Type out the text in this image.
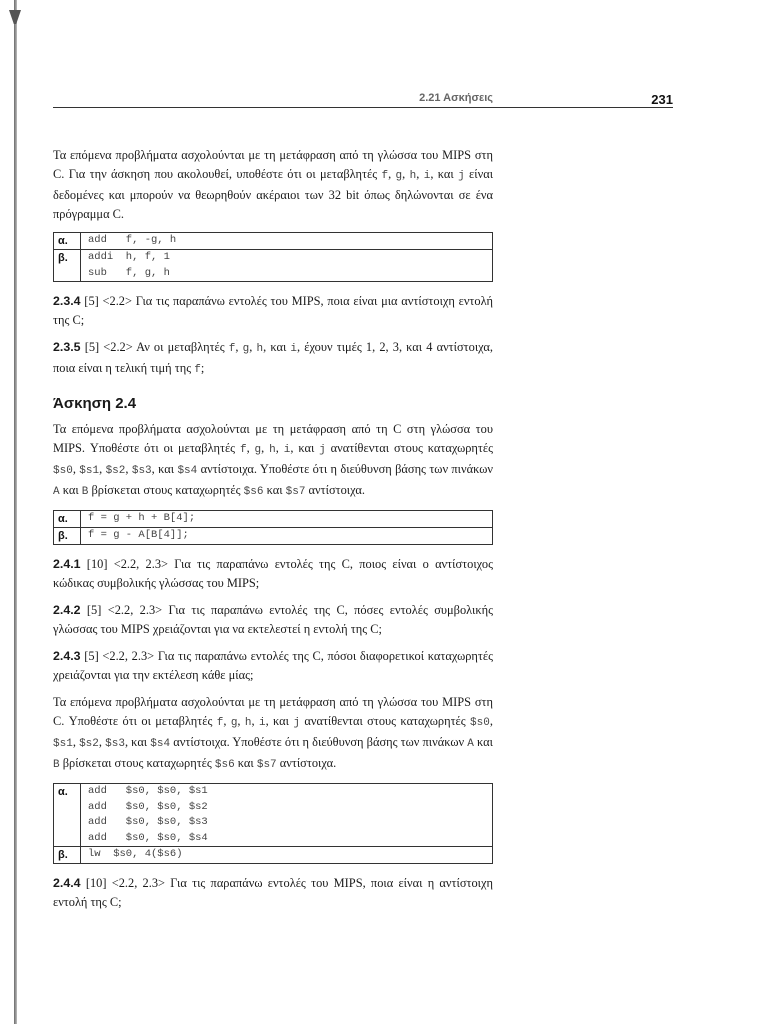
2.21 Ασκήσεις	231

Τα επόμενα προβλήματα ασχολούνται με τη μετάφραση από τη γλώσσα του MIPS στη C. Για την άσκηση που ακολουθεί, υποθέστε ότι οι μεταβλητές f, g, h, i, και j είναι δεδομένες και μπορούν να θεωρηθούν ακέραιοι των 32 bit όπως δηλώνονται σε ένα πρόγραμμα C.

α.	add   f, -g, h
β.	addi  h, f, 1
sub   f, g, h

2.3.4 [5] <2.2> Για τις παραπάνω εντολές του MIPS, ποια είναι μια αντίστοιχη εντολή της C;

2.3.5 [5] <2.2> Αν οι μεταβλητές f, g, h, και i, έχουν τιμές 1, 2, 3, και 4 αντίστοιχα, ποια είναι η τελική τιμή της f;

Άσκηση 2.4

Τα επόμενα προβλήματα ασχολούνται με τη μετάφραση από τη C στη γλώσσα του MIPS. Υποθέστε ότι οι μεταβλητές f, g, h, i, και j ανατίθενται στους καταχωρητές $s0, $s1, $s2, $s3, και $s4 αντίστοιχα. Υποθέστε ότι η διεύθυνση βάσης των πινάκων A και B βρίσκεται στους καταχωρητές $s6 και $s7 αντίστοιχα.

α.	f = g + h + B[4];
β.	f = g - A[B[4]];

2.4.1 [10] <2.2, 2.3> Για τις παραπάνω εντολές της C, ποιος είναι ο αντίστοιχος κώδικας συμβολικής γλώσσας του MIPS;

2.4.2 [5] <2.2, 2.3> Για τις παραπάνω εντολές της C, πόσες εντολές συμβολικής γλώσσας του MIPS χρειάζονται για να εκτελεστεί η εντολή της C;

2.4.3 [5] <2.2, 2.3> Για τις παραπάνω εντολές της C, πόσοι διαφορετικοί καταχωρητές χρειάζονται για την εκτέλεση κάθε μίας;

Τα επόμενα προβλήματα ασχολούνται με τη μετάφραση από τη γλώσσα του MIPS στη C. Υποθέστε ότι οι μεταβλητές f, g, h, i, και j ανατίθενται στους καταχωρητές $s0, $s1, $s2, $s3, και $s4 αντίστοιχα. Υποθέστε ότι η διεύθυνση βάσης των πινάκων A και B βρίσκεται στους καταχωρητές $s6 και $s7 αντίστοιχα.

α.	add   $s0, $s0, $s1
add   $s0, $s0, $s2
add   $s0, $s0, $s3
add   $s0, $s0, $s4
β.	lw  $s0, 4($s6)

2.4.4 [10] <2.2, 2.3> Για τις παραπάνω εντολές του MIPS, ποια είναι η αντίστοιχη εντολή της C;
